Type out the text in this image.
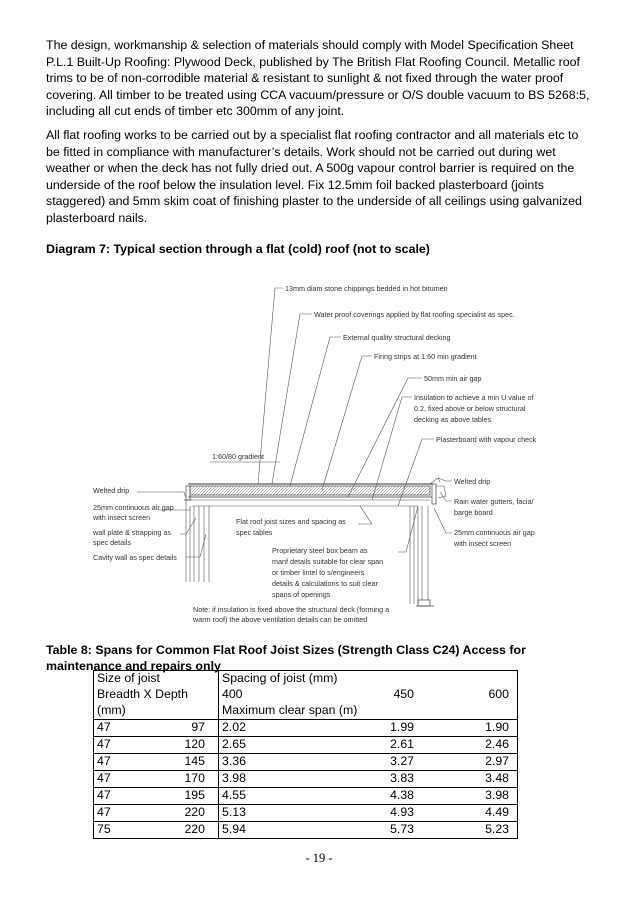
The design, workmanship & selection of materials should comply with Model Specification Sheet P.L.1 Built-Up Roofing: Plywood Deck, published by The British Flat Roofing Council. Metallic roof trims to be of non-corrodible material & resistant to sunlight & not fixed through the water proof covering. All timber to be treated using CCA vacuum/pressure or O/S double vacuum to BS 5268:5, including all cut ends of timber etc 300mm of any joint.

All flat roofing works to be carried out by a specialist flat roofing contractor and all materials etc to be fitted in compliance with manufacturer’s details. Work should not be carried out during wet weather or when the deck has not fully dried out. A 500g vapour control barrier is required on the underside of the roof below the insulation level. Fix 12.5mm foil backed plasterboard (joints staggered) and 5mm skim coat of finishing plaster to the underside of all ceilings using galvanized plasterboard nails.

Diagram 7: Typical section through a flat (cold) roof (not to scale)

13mm diam stone chippings bedded in hot bitumen
Water proof coverings applied by flat roofing specialist as spec.
External quality structural decking
Firing strips at 1:60 min gradient
50mm min air gap
Insulation to achieve a min U value of
0.2, fixed above or below structural
decking as above tables
Plasterboard with vapour check
1:60/80 gradient
Welted drip
Welted drip
Rain water gutters, facia/
barge board
25mm continuous air gap
with insect screen	Flat roof joist sizes and spacing as
spec tables
wall plate & strapping as
spec details
25mm continuous air gap
with insect screen
Proprietary steel box beam as
manf details suitable for clear span
or timber lintel to s/engineers
details & calculations to suit clear
spans of openings
Cavity wall as spec details
Note: if insulation is fixed above the structural deck (forming a
warm roof) the above ventilation details can be omitted

Table 8: Spans for Common Flat Roof Joist Sizes (Strength Class C24) Access for maintenance and repairs only

Size of joist	Spacing of joist (mm)
Breadth X Depth	400 450 600

(mm)	Maximum clear span (m)

47 97	2.02 1.99 1.90

47 120	2.65 2.61 2.46

47 145	3.36 3.27 2.97

47 170	3.98 3.83 3.48

47 195	4.55 4.38 3.98

47 220	5.13 4.93 4.49

75 220	5.94 5.73 5.23
- 19 -
